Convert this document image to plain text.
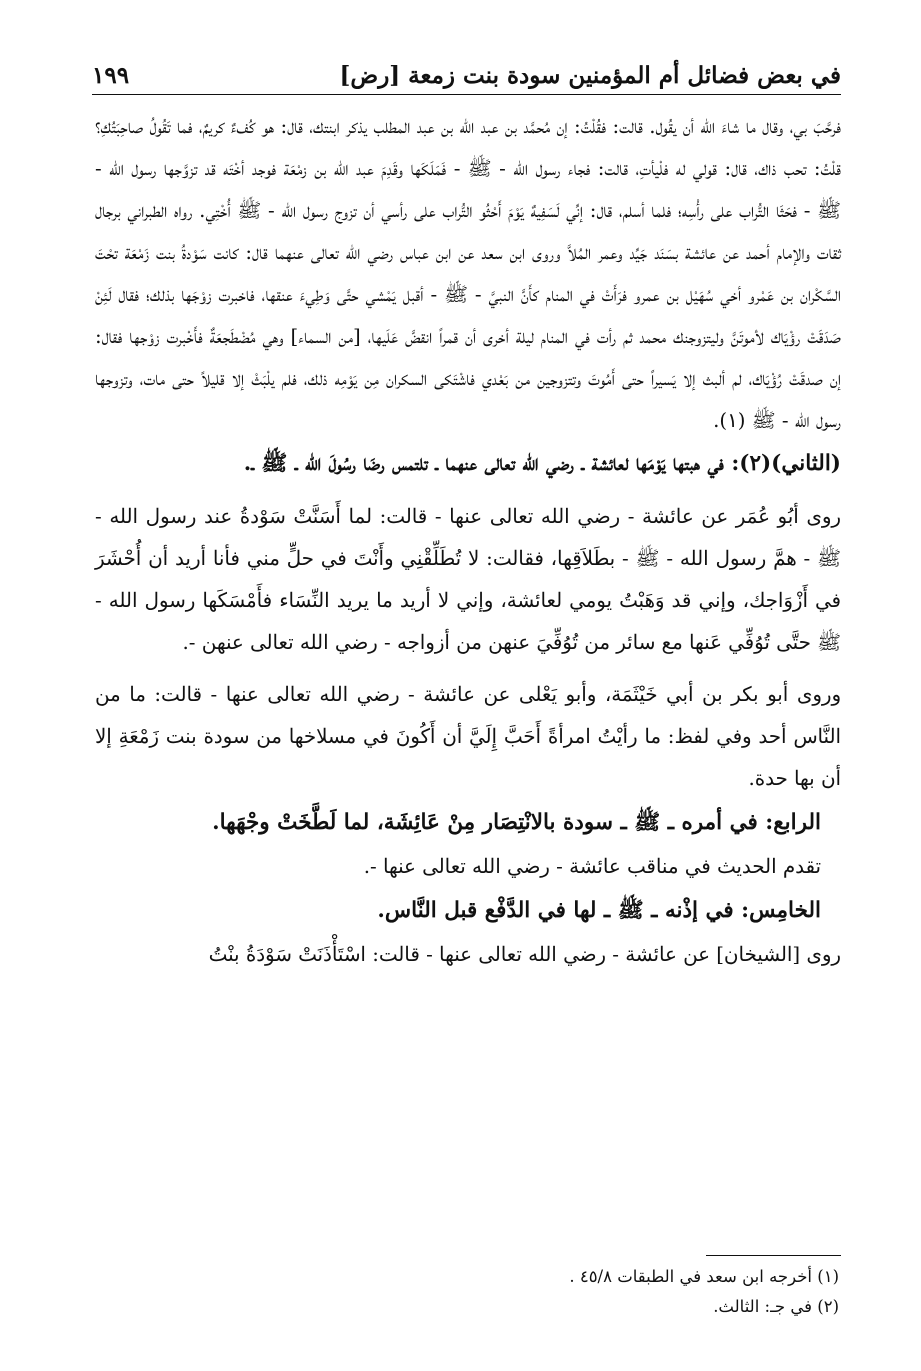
في بعض فضائل أم المؤمنين سودة بنت زمعة [رض]
١٩٩

فرحَّبَ بي، وقال ما شاءَ الله أن يقُول. قالت: فقُلْتُ: إن مُحمَّد بن عبد الله بن عبد المطلب يذكر ابنتك، قال: هو كُفءٌ كريمٌ، فما تَقُولُ صاحِبَتُكِ؟ قلْتُ: تحب ذاك، قال: قولي له فلْيأتِ، قالت: فجاء رسول الله - ﷺ - فَمَلَكَها وقَدِمَ عبد الله بن زمْعَة فوجد أخْتَه قد تزوَّجها رسول الله - ﷺ - فحَثَا التُّراب على رأْسِه؛ فلما أسلم، قال: إنِّي لَسَفِيهٌ يَوْمَ أَحْثُو التُّراب على رأسي أن تزوج رسول الله - ﷺ أُخْتِي. رواه الطبراني برجال ثقات والإمام أحمد عن عائشة بسَنَد جَيِّد وعمر المُلاَّ وروى ابن سعد عن ابن عباس رضي الله تعالى عنهما قال: كانت سَوْدةُ بنت زَمْعَة تحْتَ السَّكْران بن عَمْرو أخي سُهَيْل بن عمرو فرَأَتْ في المنام كأَنَّ النبيَّ - ﷺ - أقبل يَمْشي حتَّى وَطِيءَ عنقها، فاخبرت زوْجَها بذلك؛ فقال لَئِنْ صَدَقَتْ رؤْيَاك لأموتَنَّ وليتزوجنك محمد ثم رأت في المنام ليلة أخرى أن قمراً انقضَّ عَلَيها، [من السماء] وهي مُضْطَجعَةٌ فأَخْبرت زوْجها فقال: إن صدقَتْ رُؤْيَاك، لم ألبث إلا يَسيراً حتى أَمُوتَ وتتزوجين من بَعْدي فاشْتَكى السكران مِن يَوْمِه ذلك، فلم يلْبَثْ إلا قليلاً حتى مات، وتزوجها رسول الله - ﷺ (١).

(الثاني)(٢): في هبتها يَوْمَها لعائشة ـ رضي الله تعالى عنهما ـ تلتمس رضَا رسُولَ الله ـ ﷺ ـ.

روى أبُو عُمَر عن عائشة - رضي الله تعالى عنها - قالت: لما أَسَنَّتْ سَوْدةُ عند رسول الله - ﷺ - همَّ رسول الله - ﷺ - بطَلاَقِها، فقالت: لا تُطَلِّقْنِي وأَنْتَ في حلٍّ مني فأنا أريد أن أُحْشَرَ في أَزْوَاجك، وإني قد وَهَبْتُ يومي لعائشة، وإني لا أريد ما يريد النِّسَاء فأَمْسَكَها رسول الله - ﷺ حتَّى تُوُفِّي عَنها مع سائر من تُوُفِّيَ عنهن من أزواجه - رضي الله تعالى عنهن -.

وروى أبو بكر بن أبي خَيْثَمَة، وأبو يَعْلى عن عائشة - رضي الله تعالى عنها - قالت: ما من النَّاس أحد وفي لفظ: ما رأيْتُ امرأةً أَحَبَّ إِلَيَّ أن أَكُونَ في مسلاخها من سودة بنت زَمْعَةِ إلا أن بها حدة.

الرابع: في أمره ـ ﷺ ـ سودة بالانْتِصَار مِنْ عَائِشَة، لما لَطَّخَتْ وجْهَها.

تقدم الحديث في مناقب عائشة - رضي الله تعالى عنها -.

الخامِس: في إذْنه ـ ﷺ ـ لها في الدَّفْع قبل النَّاس.

روى [الشيخان] عن عائشة - رضي الله تعالى عنها - قالت: اسْتَأْذَنَتْ سَوْدَةُ بنْتُ

(١) أخرجه ابن سعد في الطبقات ٤٥/٨ .

(٢) في جـ: الثالث.
